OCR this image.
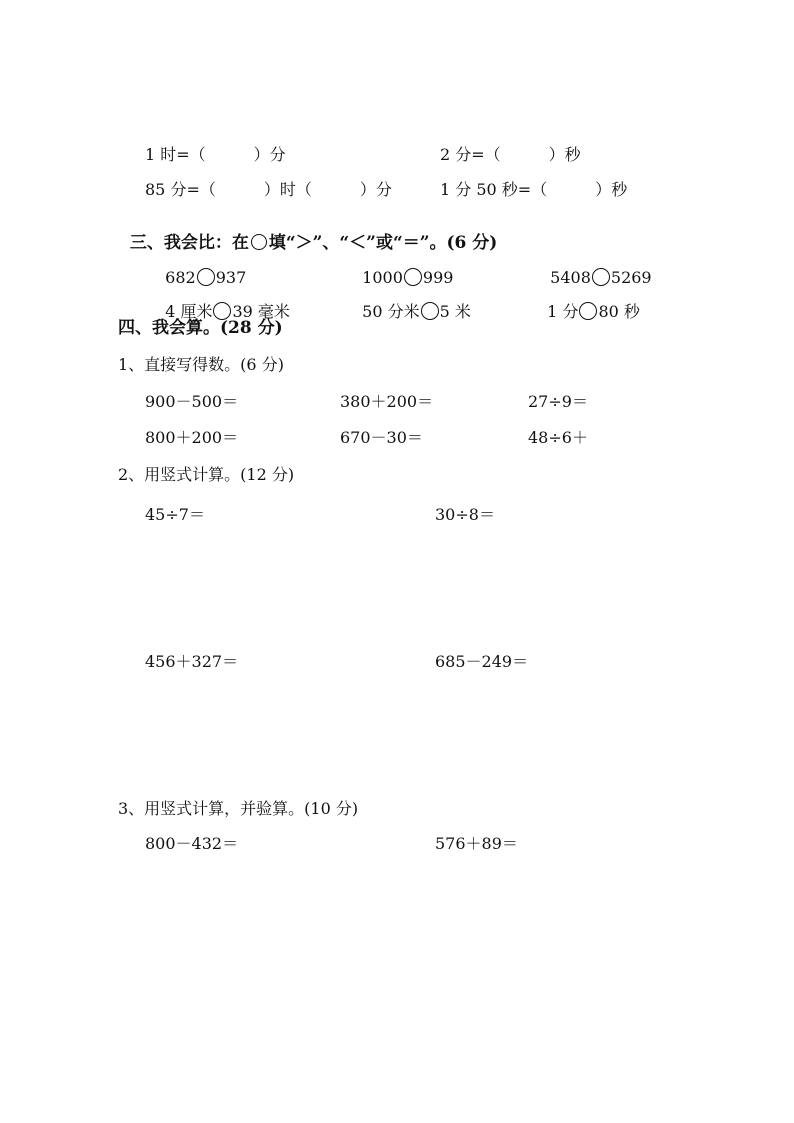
1 时=（　　　）分	2 分=（　　　）秒
85 分=（　　　）时（　　　）分	1 分 50 秒=（　　　）秒

三、我会比：在 填“＞”、“＜”或“＝”。(6 分)

682 937	1000 999	5408 5269

4 厘米 39 毫米	50 分米 5 米	1 分 80 秒

四、我会算。(28 分)
1、直接写得数。(6 分)
900－500＝	380＋200＝	27÷9＝
800＋200＝	670－30＝	48÷6＋
2、用竖式计算。(12 分)
45÷7＝	30÷8＝
456＋327＝	685－249＝
3、用竖式计算，并验算。(10 分)
800－432＝	576＋89＝
